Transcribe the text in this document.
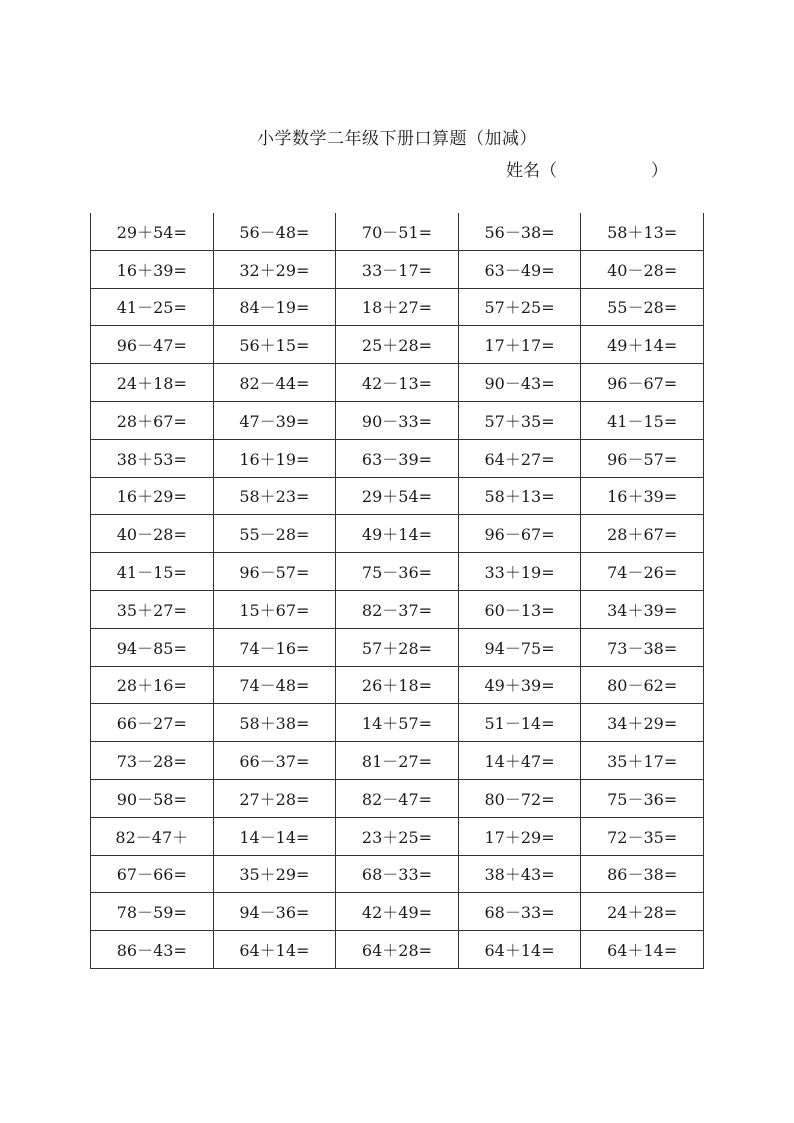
小学数学二年级下册口算题（加减）
姓名（	）
29＋54=	56－48=	70－51=	56－38=	58＋13=
16＋39=	32＋29=	33－17=	63－49=	40－28=
41－25=	84－19=	18＋27=	57＋25=	55－28=
96－47=	56＋15=	25＋28=	17＋17=	49＋14=
24＋18=	82－44=	42－13=	90－43=	96－67=
28＋67=	47－39=	90－33=	57＋35=	41－15=
38＋53=	16＋19=	63－39=	64＋27=	96－57=
16＋29=	58＋23=	29＋54=	58＋13=	16＋39=
40－28=	55－28=	49＋14=	96－67=	28＋67=
41－15=	96－57=	75－36=	33＋19=	74－26=
35＋27=	15＋67=	82－37=	60－13=	34＋39=
94－85=	74－16=	57＋28=	94－75=	73－38=
28＋16=	74－48=	26＋18=	49＋39=	80－62=
66－27=	58＋38=	14＋57=	51－14=	34＋29=
73－28=	66－37=	81－27=	14＋47=	35＋17=
90－58=	27＋28=	82－47=	80－72=	75－36=
82－47＋	14－14=	23＋25=	17＋29=	72－35=
67－66=	35＋29=	68－33=	38＋43=	86－38=
78－59=	94－36=	42＋49=	68－33=	24＋28=
86－43=	64＋14=	64＋28=	64＋14=	64＋14=
